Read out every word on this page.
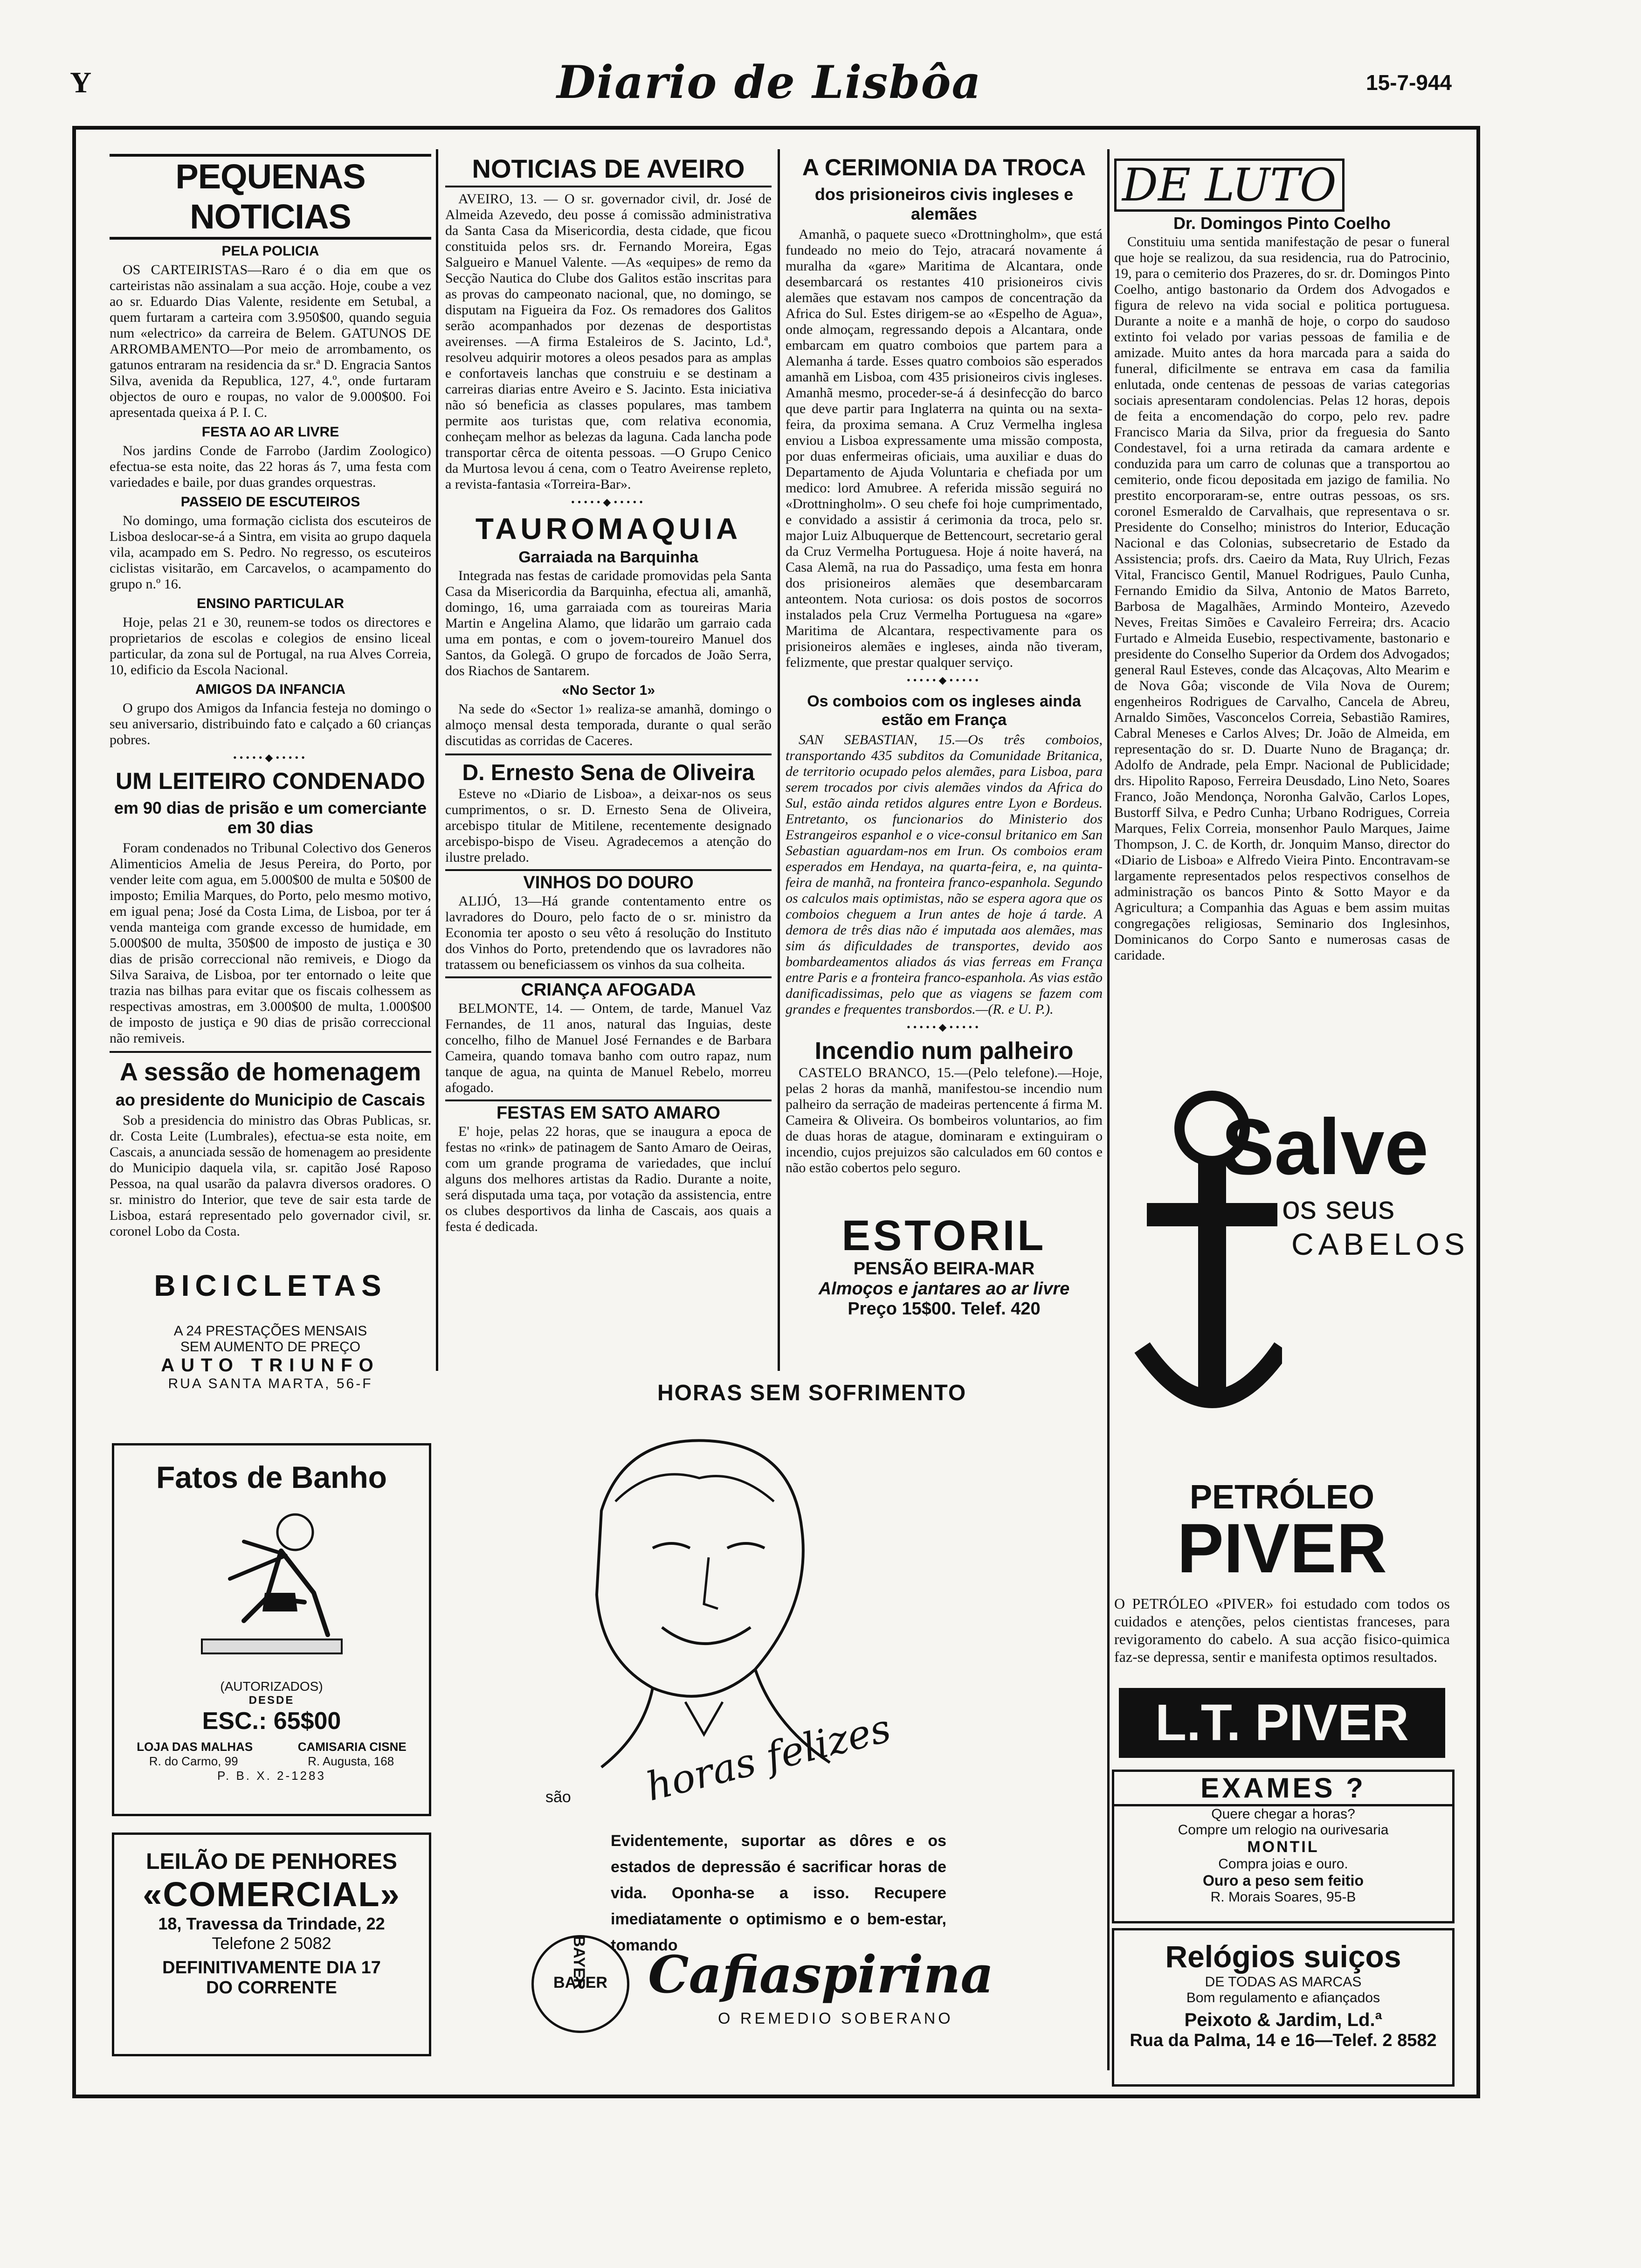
Y	Diario de Lisbôa	15-7-944
PEQUENAS NOTICIAS
PELA POLICIA

OS CARTEIRISTAS—Raro é o dia em que os carteiristas não assinalam a sua acção. Hoje, coube a vez ao sr. Eduardo Dias Valente, residente em Setubal, a quem furtaram a carteira com 3.950$00, quando seguia num «electrico» da carreira de Belem. GATUNOS DE ARROMBAMENTO—Por meio de arrombamento, os gatunos entraram na residencia da sr.ª D. Engracia Santos Silva, avenida da Republica, 127, 4.º, onde furtaram objectos de ouro e roupas, no valor de 9.000$00. Foi apresentada queixa á P. I. C.

FESTA AO AR LIVRE

Nos jardins Conde de Farrobo (Jardim Zoologico) efectua-se esta noite, das 22 horas ás 7, uma festa com variedades e baile, por duas grandes orquestras.

PASSEIO DE ESCUTEIROS

No domingo, uma formação ciclista dos escuteiros de Lisboa deslocar-se-á a Sintra, em visita ao grupo daquela vila, acampado em S. Pedro. No regresso, os escuteiros ciclistas visitarão, em Carcavelos, o acampamento do grupo n.º 16.

ENSINO PARTICULAR

Hoje, pelas 21 e 30, reunem-se todos os directores e proprietarios de escolas e colegios de ensino liceal particular, da zona sul de Portugal, na rua Alves Correia, 10, edificio da Escola Nacional.

AMIGOS DA INFANCIA

O grupo dos Amigos da Infancia festeja no domingo o seu aniversario, distribuindo fato e calçado a 60 crianças pobres.

•••••◆•••••
UM LEITEIRO CONDENADO
em 90 dias de prisão e um comerciante em 30 dias

Foram condenados no Tribunal Colectivo dos Generos Alimenticios Amelia de Jesus Pereira, do Porto, por vender leite com agua, em 5.000$00 de multa e 50$00 de imposto; Emilia Marques, do Porto, pelo mesmo motivo, em igual pena; José da Costa Lima, de Lisboa, por ter á venda manteiga com grande excesso de humidade, em 5.000$00 de multa, 350$00 de imposto de justiça e 30 dias de prisão correccional não remiveis, e Diogo da Silva Saraiva, de Lisboa, por ter entornado o leite que trazia nas bilhas para evitar que os fiscais colhessem as respectivas amostras, em 3.000$00 de multa, 1.000$00 de imposto de justiça e 90 dias de prisão correccional não remiveis.

A sessão de homenagem
ao presidente do Municipio de Cascais

Sob a presidencia do ministro das Obras Publicas, sr. dr. Costa Leite (Lumbrales), efectua-se esta noite, em Cascais, a anunciada sessão de homenagem ao presidente do Municipio daquela vila, sr. capitão José Raposo Pessoa, na qual usarão da palavra diversos oradores. O sr. ministro do Interior, que teve de sair esta tarde de Lisboa, estará representado pelo governador civil, sr. coronel Lobo da Costa.

BICICLETAS
A 24 PRESTAÇÕES MENSAIS
SEM AUMENTO DE PREÇO
AUTO TRIUNFO
RUA SANTA MARTA, 56-F
Fatos de Banho
(AUTORIZADOS)
DESDE
ESC.: 65$00
LOJA DAS MALHAS	CAMISARIA CISNE
R. do Carmo, 99	R. Augusta, 168
P. B. X. 2-1283
LEILÃO DE PENHORES
«COMERCIAL»
18, Travessa da Trindade, 22
Telefone 2 5082
DEFINITIVAMENTE DIA 17
DO CORRENTE
NOTICIAS DE AVEIRO

AVEIRO, 13. — O sr. governador civil, dr. José de Almeida Azevedo, deu posse á comissão administrativa da Santa Casa da Misericordia, desta cidade, que ficou constituida pelos srs. dr. Fernando Moreira, Egas Salgueiro e Manuel Valente. —As «equipes» de remo da Secção Nautica do Clube dos Galitos estão inscritas para as provas do campeonato nacional, que, no domingo, se disputam na Figueira da Foz. Os remadores dos Galitos serão acompanhados por dezenas de desportistas aveirenses. —A firma Estaleiros de S. Jacinto, Ld.ª, resolveu adquirir motores a oleos pesados para as amplas e confortaveis lanchas que construiu e se destinam a carreiras diarias entre Aveiro e S. Jacinto. Esta iniciativa não só beneficia as classes populares, mas tambem permite aos turistas que, com relativa economia, conheçam melhor as belezas da laguna. Cada lancha pode transportar cêrca de oitenta pessoas. —O Grupo Cenico da Murtosa levou á cena, com o Teatro Aveirense repleto, a revista-fantasia «Torreira-Bar».

•••••◆•••••
TAUROMAQUIA
Garraiada na Barquinha

Integrada nas festas de caridade promovidas pela Santa Casa da Misericordia da Barquinha, efectua ali, amanhã, domingo, 16, uma garraiada com as toureiras Maria Martin e Angelina Alamo, que lidarão um garraio cada uma em pontas, e com o jovem-toureiro Manuel dos Santos, da Golegã. O grupo de forcados de João Serra, dos Riachos de Santarem.

«No Sector 1»

Na sede do «Sector 1» realiza-se amanhã, domingo o almoço mensal desta temporada, durante o qual serão discutidas as corridas de Caceres.

D. Ernesto Sena de Oliveira

Esteve no «Diario de Lisboa», a deixar-nos os seus cumprimentos, o sr. D. Ernesto Sena de Oliveira, arcebispo titular de Mitilene, recentemente designado arcebispo-bispo de Viseu. Agradecemos a atenção do ilustre prelado.

VINHOS DO DOURO

ALIJÓ, 13—Há grande contentamento entre os lavradores do Douro, pelo facto de o sr. ministro da Economia ter aposto o seu vêto á resolução do Instituto dos Vinhos do Porto, pretendendo que os lavradores não tratassem ou beneficiassem os vinhos da sua colheita.

CRIANÇA AFOGADA

BELMONTE, 14. — Ontem, de tarde, Manuel Vaz Fernandes, de 11 anos, natural das Inguias, deste concelho, filho de Manuel José Fernandes e de Barbara Cameira, quando tomava banho com outro rapaz, num tanque de agua, na quinta de Manuel Rebelo, morreu afogado.

FESTAS EM SATO AMARO

E' hoje, pelas 22 horas, que se inaugura a epoca de festas no «rink» de patinagem de Santo Amaro de Oeiras, com um grande programa de variedades, que incluí alguns dos melhores artistas da Radio. Durante a noite, será disputada uma taça, por votação da assistencia, entre os clubes desportivos da linha de Cascais, aos quais a festa é dedicada.

A CERIMONIA DA TROCA
dos prisioneiros civis ingleses e alemães

Amanhã, o paquete sueco «Drottningholm», que está fundeado no meio do Tejo, atracará novamente á muralha da «gare» Maritima de Alcantara, onde desembarcará os restantes 410 prisioneiros civis alemães que estavam nos campos de concentração da Africa do Sul. Estes dirigem-se ao «Espelho de Agua», onde almoçam, regressando depois a Alcantara, onde embarcam em quatro comboios que partem para a Alemanha á tarde. Esses quatro comboios são esperados amanhã em Lisboa, com 435 prisioneiros civis ingleses. Amanhã mesmo, proceder-se-á á desinfecção do barco que deve partir para Inglaterra na quinta ou na sexta-feira, da proxima semana. A Cruz Vermelha inglesa enviou a Lisboa expressamente uma missão composta, por duas enfermeiras oficiais, uma auxiliar e duas do Departamento de Ajuda Voluntaria e chefiada por um medico: lord Amubree. A referida missão seguirá no «Drottningholm». O seu chefe foi hoje cumprimentado, e convidado a assistir á cerimonia da troca, pelo sr. major Luiz Albuquerque de Bettencourt, secretario geral da Cruz Vermelha Portuguesa. Hoje á noite haverá, na Casa Alemã, na rua do Passadiço, uma festa em honra dos prisioneiros alemães que desembarcaram anteontem. Nota curiosa: os dois postos de socorros instalados pela Cruz Vermelha Portuguesa na «gare» Maritima de Alcantara, respectivamente para os prisioneiros alemães e ingleses, ainda não tiveram, felizmente, que prestar qualquer serviço.

•••••◆•••••
Os comboios com os ingleses ainda estão em França

SAN SEBASTIAN, 15.—Os três comboios, transportando 435 subditos da Comunidade Britanica, de territorio ocupado pelos alemães, para Lisboa, para serem trocados por civis alemães vindos da Africa do Sul, estão ainda retidos algures entre Lyon e Bordeus. Entretanto, os funcionarios do Ministerio dos Estrangeiros espanhol e o vice-consul britanico em San Sebastian aguardam-nos em Irun. Os comboios eram esperados em Hendaya, na quarta-feira, e, na quinta-feira de manhã, na fronteira franco-espanhola. Segundo os calculos mais optimistas, não se espera agora que os comboios cheguem a Irun antes de hoje á tarde. A demora de três dias não é imputada aos alemães, mas sim ás dificuldades de transportes, devido aos bombardeamentos aliados ás vias ferreas em França entre Paris e a fronteira franco-espanhola. As vias estão danificadissimas, pelo que as viagens se fazem com grandes e frequentes transbordos.—(R. e U. P.).

•••••◆•••••
Incendio num palheiro

CASTELO BRANCO, 15.—(Pelo telefone).—Hoje, pelas 2 horas da manhã, manifestou-se incendio num palheiro da serração de madeiras pertencente á firma M. Cameira & Oliveira. Os bombeiros voluntarios, ao fim de duas horas de atague, dominaram e extinguiram o incendio, cujos prejuizos são calculados em 60 contos e não estão cobertos pelo seguro.

ESTORIL
PENSÃO BEIRA-MAR
Almoços e jantares ao ar livre
Preço 15$00. Telef. 420
HORAS SEM SOFRIMENTO
são horas felizes
Evidentemente, suportar as dôres e os estados de depressão é sacrificar horas de vida. Oponha-se a isso. Recupere imediatamente o optimismo e o bem-estar, tomando
BAYER
BAYER Cafiaspirina
O REMEDIO SOBERANO
DE LUTO
Dr. Domingos Pinto Coelho

Constituiu uma sentida manifestação de pesar o funeral que hoje se realizou, da sua residencia, rua do Patrocinio, 19, para o cemiterio dos Prazeres, do sr. dr. Domingos Pinto Coelho, antigo bastonario da Ordem dos Advogados e figura de relevo na vida social e politica portuguesa. Durante a noite e a manhã de hoje, o corpo do saudoso extinto foi velado por varias pessoas de familia e de amizade. Muito antes da hora marcada para a saida do funeral, dificilmente se entrava em casa da familia enlutada, onde centenas de pessoas de varias categorias sociais apresentaram condolencias. Pelas 12 horas, depois de feita a encomendação do corpo, pelo rev. padre Francisco Maria da Silva, prior da freguesia do Santo Condestavel, foi a urna retirada da camara ardente e conduzida para um carro de colunas que a transportou ao cemiterio, onde ficou depositada em jazigo de familia. No prestito encorporaram-se, entre outras pessoas, os srs. coronel Esmeraldo de Carvalhais, que representava o sr. Presidente do Conselho; ministros do Interior, Educação Nacional e das Colonias, subsecretario de Estado da Assistencia; profs. drs. Caeiro da Mata, Ruy Ulrich, Fezas Vital, Francisco Gentil, Manuel Rodrigues, Paulo Cunha, Fernando Emidio da Silva, Antonio de Matos Barreto, Barbosa de Magalhães, Armindo Monteiro, Azevedo Neves, Freitas Simões e Cavaleiro Ferreira; drs. Acacio Furtado e Almeida Eusebio, respectivamente, bastonario e presidente do Conselho Superior da Ordem dos Advogados; general Raul Esteves, conde das Alcaçovas, Alto Mearim e de Nova Gôa; visconde de Vila Nova de Ourem; engenheiros Rodrigues de Carvalho, Cancela de Abreu, Arnaldo Simões, Vasconcelos Correia, Sebastião Ramires, Cabral Meneses e Carlos Alves; Dr. João de Almeida, em representação do sr. D. Duarte Nuno de Bragança; dr. Adolfo de Andrade, pela Empr. Nacional de Publicidade; drs. Hipolito Raposo, Ferreira Deusdado, Lino Neto, Soares Franco, João Mendonça, Noronha Galvão, Carlos Lopes, Bustorff Silva, e Pedro Cunha; Urbano Rodrigues, Correia Marques, Felix Correia, monsenhor Paulo Marques, Jaime Thompson, J. C. de Korth, dr. Jonquim Manso, director do «Diario de Lisboa» e Alfredo Vieira Pinto. Encontravam-se largamente representados pelos respectivos conselhos de administração os bancos Pinto & Sotto Mayor e da Agricultura; a Companhia das Aguas e bem assim muitas congregações religiosas, Seminario dos Inglesinhos, Dominicanos do Corpo Santo e numerosas casas de caridade.

Salve
os seus
CABELOS
PETRÓLEO
PIVER
O PETRÓLEO «PIVER» foi estudado com todos os cuidados e atenções, pelos cientistas franceses, para revigoramento do cabelo. A sua acção fisico-quimica faz-se depressa, sentir e manifesta optimos resultados.
L.T. PIVER
EXAMES ?
Quere chegar a horas?
Compre um relogio na ourivesaria
MONTIL
Compra joias e ouro.
Ouro a peso sem feitio
R. Morais Soares, 95-B
Relógios suiços
DE TODAS AS MARCAS
Bom regulamento e afiançados
Peixoto & Jardim, Ld.ª
Rua da Palma, 14 e 16—Telef. 2 8582
